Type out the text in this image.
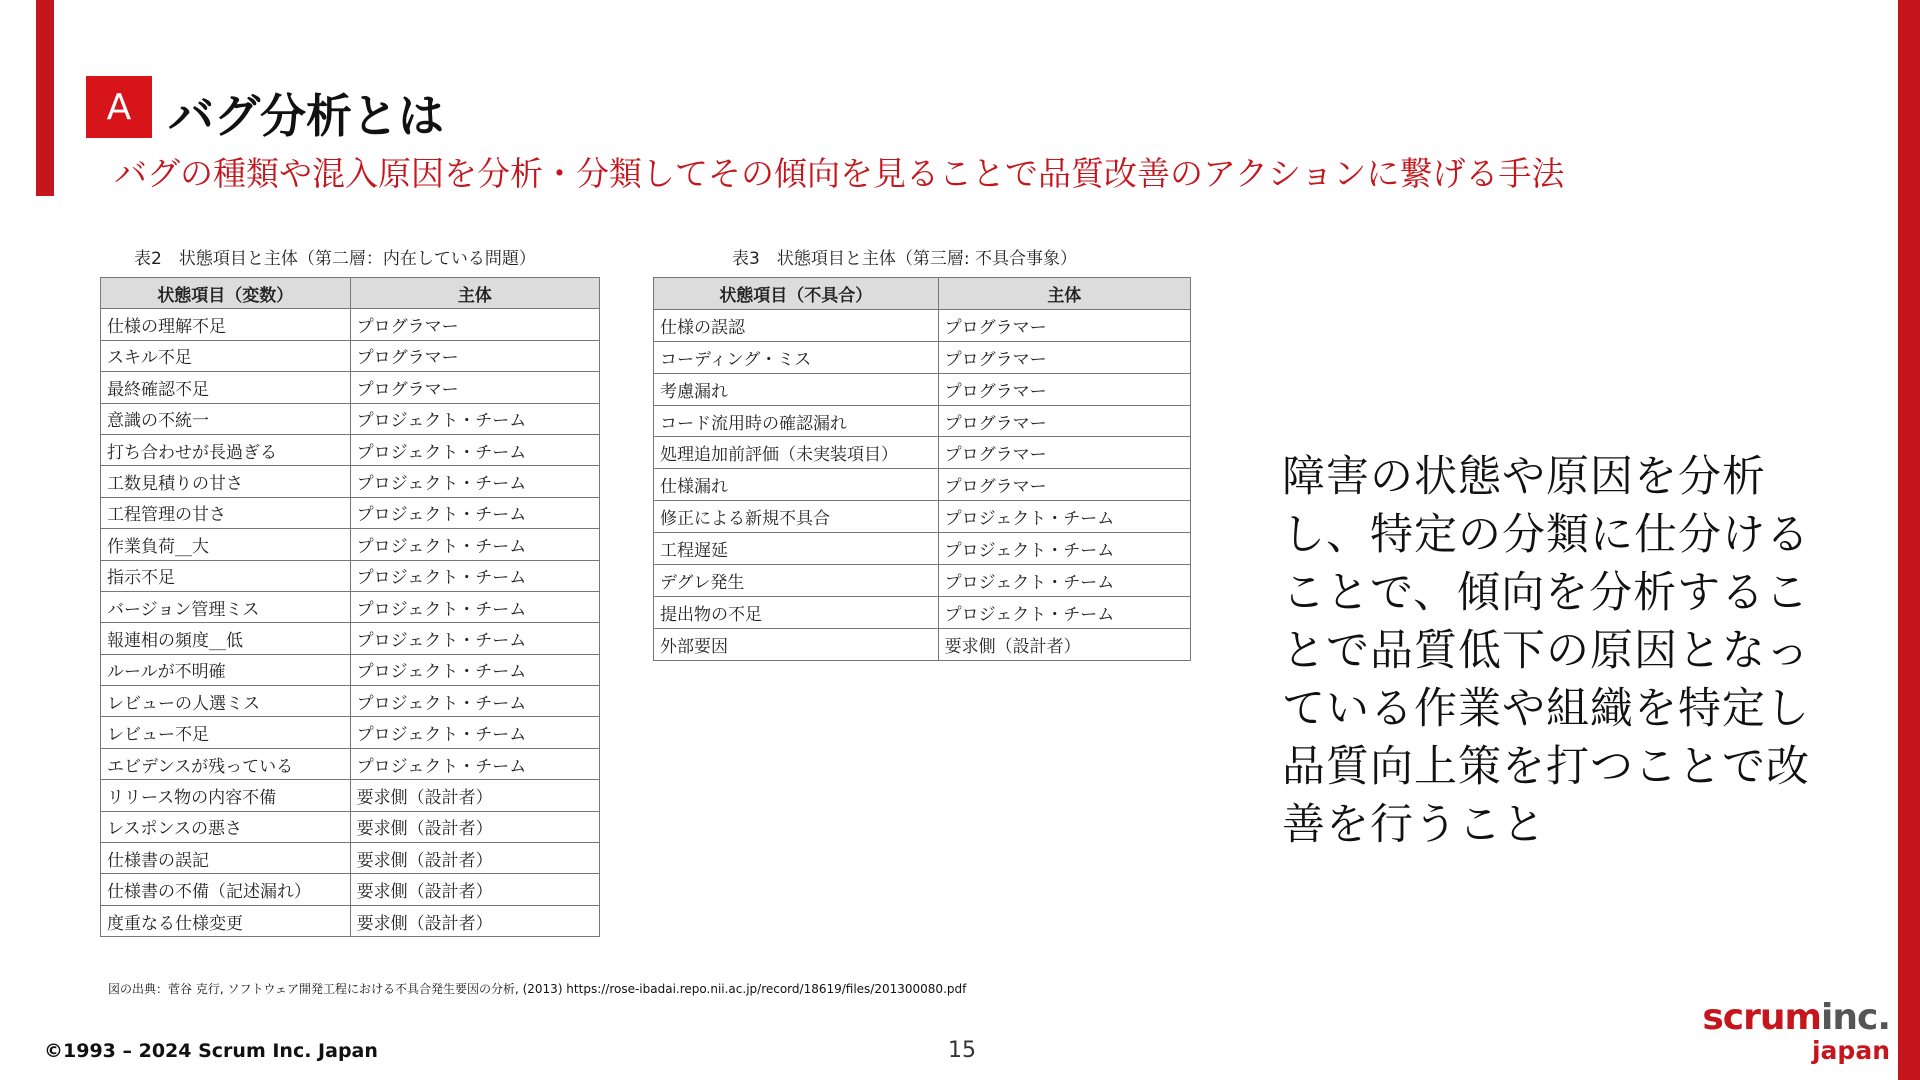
A バグ分析とは
バグの種類や混入原因を分析・分類してその傾向を見ることで品質改善のアクションに繋げる手法
表2　状態項目と主体（第二層：内在している問題）
状態項目（変数）	主体
仕様の理解不足	プログラマー
スキル不足	プログラマー
最終確認不足	プログラマー
意識の不統一	プロジェクト・チーム
打ち合わせが長過ぎる	プロジェクト・チーム
工数見積りの甘さ	プロジェクト・チーム
工程管理の甘さ	プロジェクト・チーム
作業負荷__大	プロジェクト・チーム
指示不足	プロジェクト・チーム
バージョン管理ミス	プロジェクト・チーム
報連相の頻度__低	プロジェクト・チーム
ルールが不明確	プロジェクト・チーム
レビューの人選ミス	プロジェクト・チーム
レビュー不足	プロジェクト・チーム
エビデンスが残っている	プロジェクト・チーム
リリース物の内容不備	要求側（設計者）
レスポンスの悪さ	要求側（設計者）
仕様書の誤記	要求側（設計者）
仕様書の不備（記述漏れ）	要求側（設計者）
度重なる仕様変更	要求側（設計者）
表3　状態項目と主体（第三層: 不具合事象）
状態項目（不具合）	主体
仕様の誤認	プログラマー
コーディング・ミス	プログラマー
考慮漏れ	プログラマー
コード流用時の確認漏れ	プログラマー
処理追加前評価（未実装項目）	プログラマー
仕様漏れ	プログラマー
修正による新規不具合	プロジェクト・チーム
工程遅延	プロジェクト・チーム
デグレ発生	プロジェクト・チーム
提出物の不足	プロジェクト・チーム
外部要因	要求側（設計者）
障害の状態や原因を分析し、特定の分類に仕分けることで、傾向を分析することで品質低下の原因となっている作業や組織を特定し品質向上策を打つことで改善を行うこと
図の出典：菅谷 克行, ソフトウェア開発工程における不具合発生要因の分析, (2013) https://rose-ibadai.repo.nii.ac.jp/record/18619/files/201300080.pdf
©1993 – 2024 Scrum Inc. Japan	15
scruminc.
japan
